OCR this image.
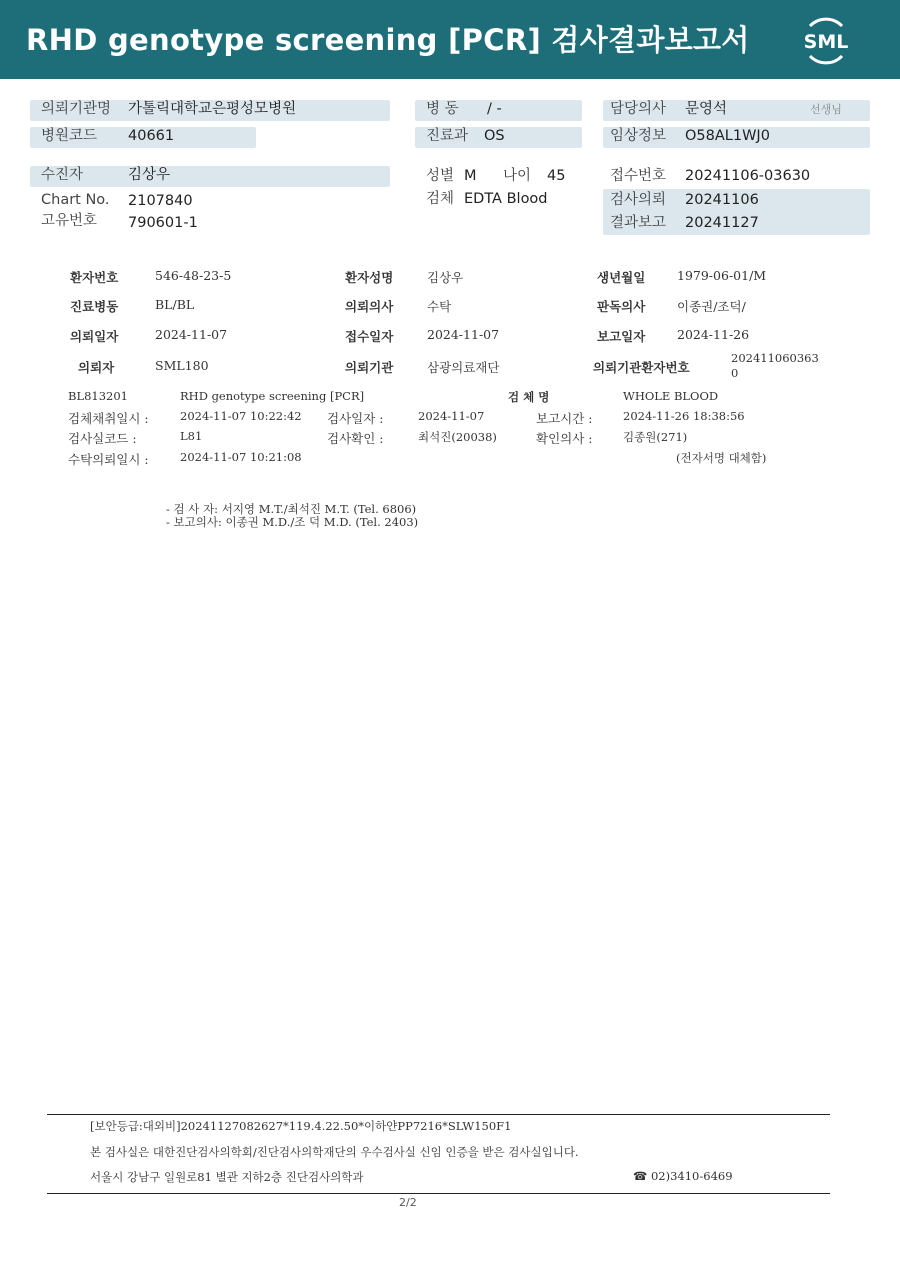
RHD genotype screening [PCR] 검사결과보고서	SML
의뢰기관명 가톨릭대학교은평성모병원	병 동 / -	담당의사 문영석	선생님
병원코드 40661	진료과 OS	임상정보 O58AL1WJ0
수진자	김상우	성별 M 나이 45	접수번호 20241106-03630
Chart No. 2107840	검체 EDTA Blood	검사의뢰 20241106
고유번호 790601-1	결과보고 20241127
환자번호	546-48-23-5	환자성명	김상우	생년월일	1979-06-01/M
진료병동	BL/BL	의뢰의사	수탁	판독의사	이종권/조덕/
의뢰일자	2024-11-07	접수일자	2024-11-07	보고일자	2024-11-26
의뢰자	SML180	의뢰기관	삼광의료재단	의뢰기관환자번호
202411060363
0
BL813201	RHD genotype screening [PCR]	검 체 명	WHOLE BLOOD
검체채취일시 :	2024-11-07 10:22:42 검사일자 :	2024-11-07	보고시간 :	2024-11-26 18:38:56
검사실코드 :	L81	검사확인 :	최석진(20038)	확인의사 :	김종원(271)
수탁의뢰일시 :	2024-11-07 10:21:08	(전자서명 대체함)
- 검 사 자: 서지영 M.T./최석진 M.T. (Tel. 6806)
- 보고의사: 이종권 M.D./조 덕 M.D. (Tel. 2403)
[보안등급:대외비]20241127082627*119.4.22.50*이하얀PP7216*SLW150F1
본 검사실은 대한진단검사의학회/진단검사의학재단의 우수검사실 신임 인증을 받은 검사실입니다.
서울시 강남구 일원로81 별관 지하2층 진단검사의학과	☎ 02)3410-6469
2/2
